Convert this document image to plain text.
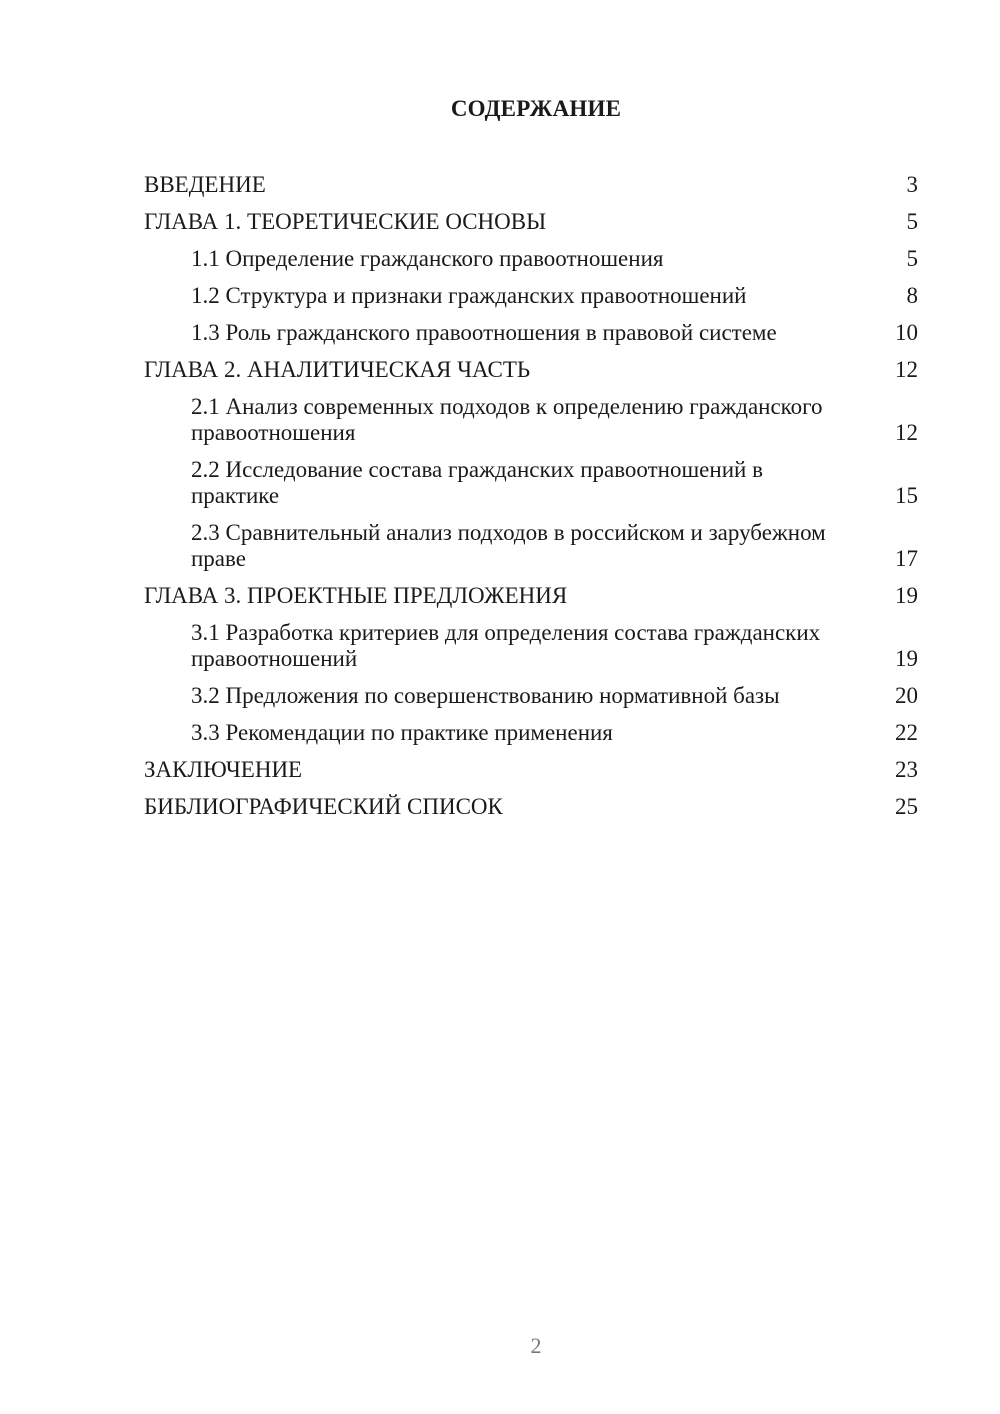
СОДЕРЖАНИЕ
ВВЕДЕНИЕ	3
ГЛАВА 1. ТЕОРЕТИЧЕСКИЕ ОСНОВЫ	5
1.1 Определение гражданского правоотношения	5
1.2 Структура и признаки гражданских правоотношений	8
1.3 Роль гражданского правоотношения в правовой системе	10
ГЛАВА 2. АНАЛИТИЧЕСКАЯ ЧАСТЬ	12
2.1 Анализ современных подходов к определению гражданского правоотношения	12
2.2 Исследование состава гражданских правоотношений в практике	15
2.3 Сравнительный анализ подходов в российском и зарубежном праве	17
ГЛАВА 3. ПРОЕКТНЫЕ ПРЕДЛОЖЕНИЯ	19
3.1 Разработка критериев для определения состава гражданских правоотношений	19
3.2 Предложения по совершенствованию нормативной базы	20
3.3 Рекомендации по практике применения	22
ЗАКЛЮЧЕНИЕ	23
БИБЛИОГРАФИЧЕСКИЙ СПИСОК	25
2
